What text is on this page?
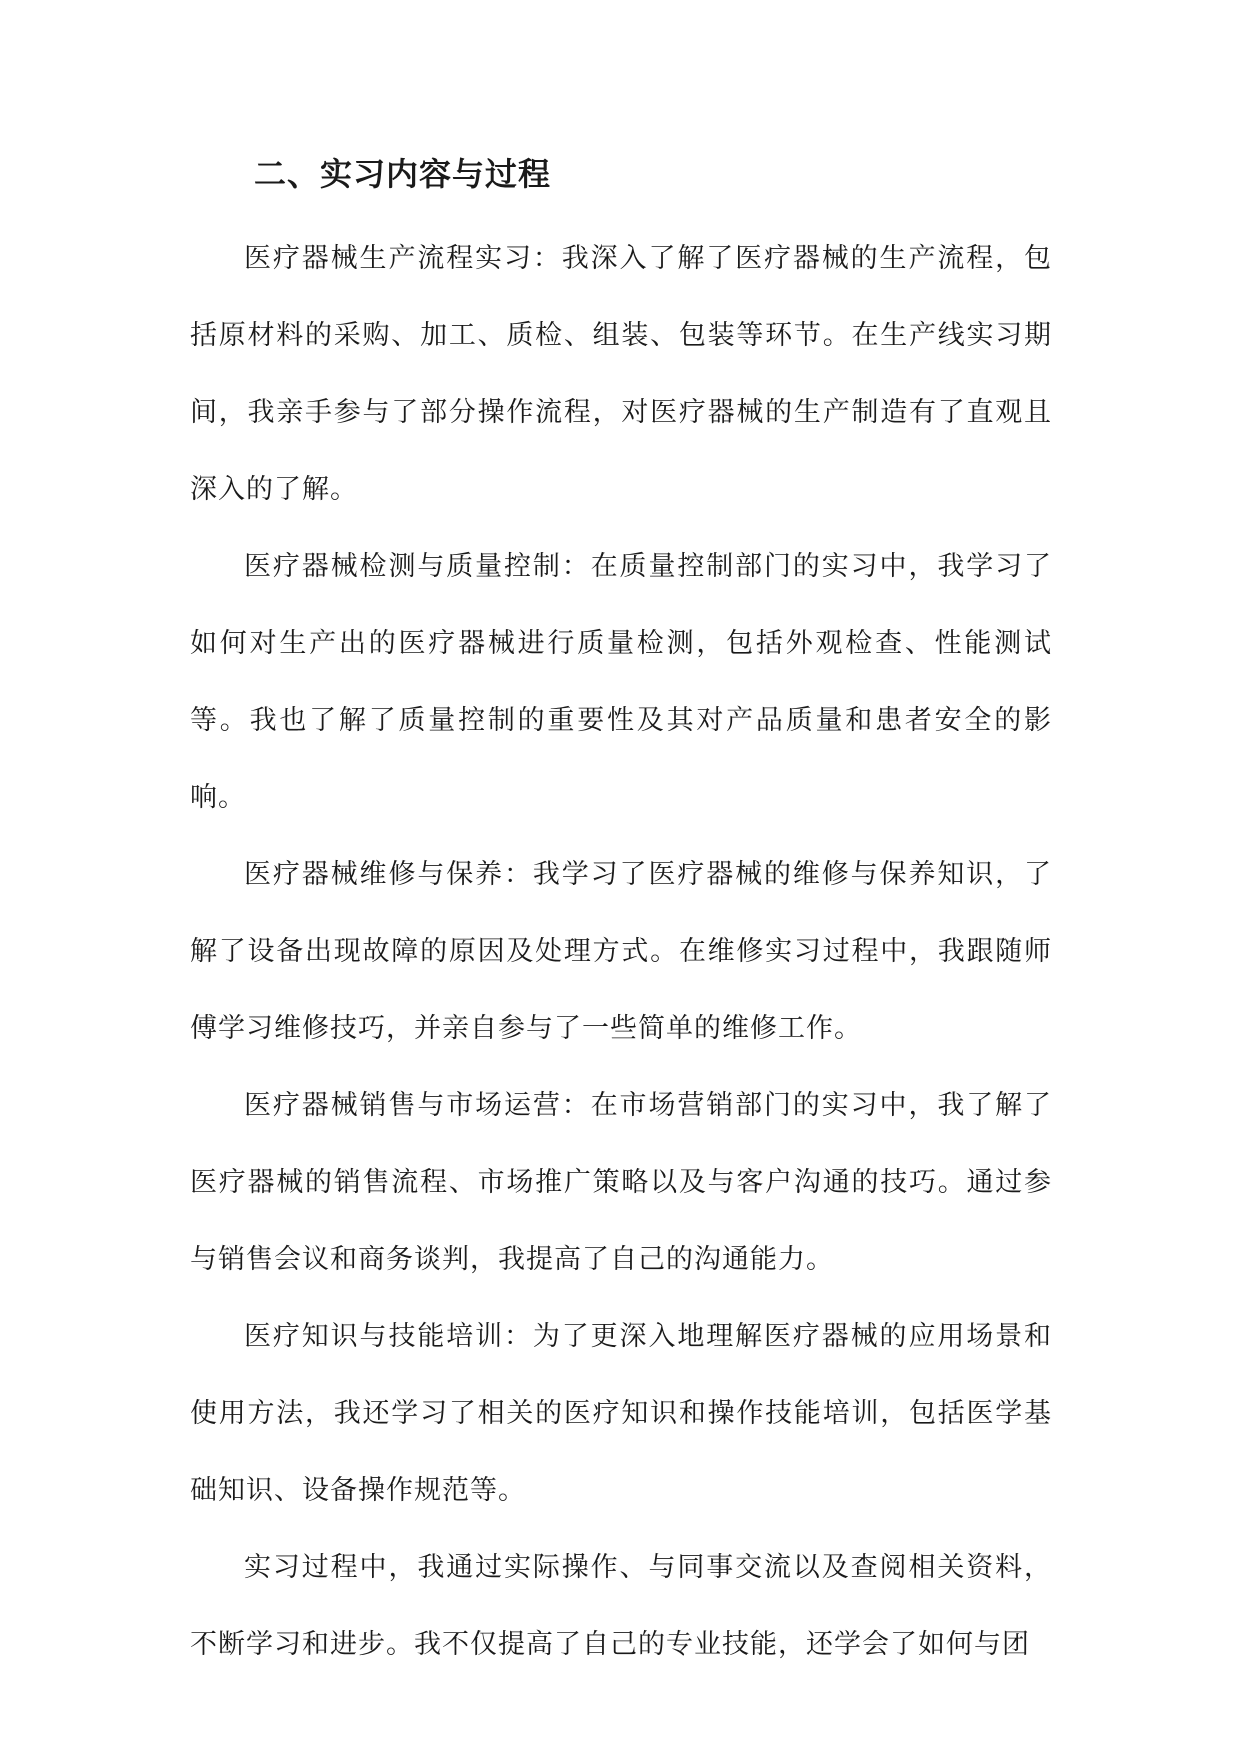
二、实习内容与过程

医疗器械生产流程实习：我深入了解了医疗器械的生产流程，包括原材料的采购、加工、质检、组装、包装等环节。在生产线实习期间，我亲手参与了部分操作流程，对医疗器械的生产制造有了直观且深入的了解。

医疗器械检测与质量控制：在质量控制部门的实习中，我学习了如何对生产出的医疗器械进行质量检测，包括外观检查、性能测试等。我也了解了质量控制的重要性及其对产品质量和患者安全的影响。

医疗器械维修与保养：我学习了医疗器械的维修与保养知识，了解了设备出现故障的原因及处理方式。在维修实习过程中，我跟随师傅学习维修技巧，并亲自参与了一些简单的维修工作。

医疗器械销售与市场运营：在市场营销部门的实习中，我了解了医疗器械的销售流程、市场推广策略以及与客户沟通的技巧。通过参与销售会议和商务谈判，我提高了自己的沟通能力。

医疗知识与技能培训：为了更深入地理解医疗器械的应用场景和使用方法，我还学习了相关的医疗知识和操作技能培训，包括医学基础知识、设备操作规范等。

实习过程中，我通过实际操作、与同事交流以及查阅相关资料，不断学习和进步。我不仅提高了自己的专业技能，还学会了如何与团
